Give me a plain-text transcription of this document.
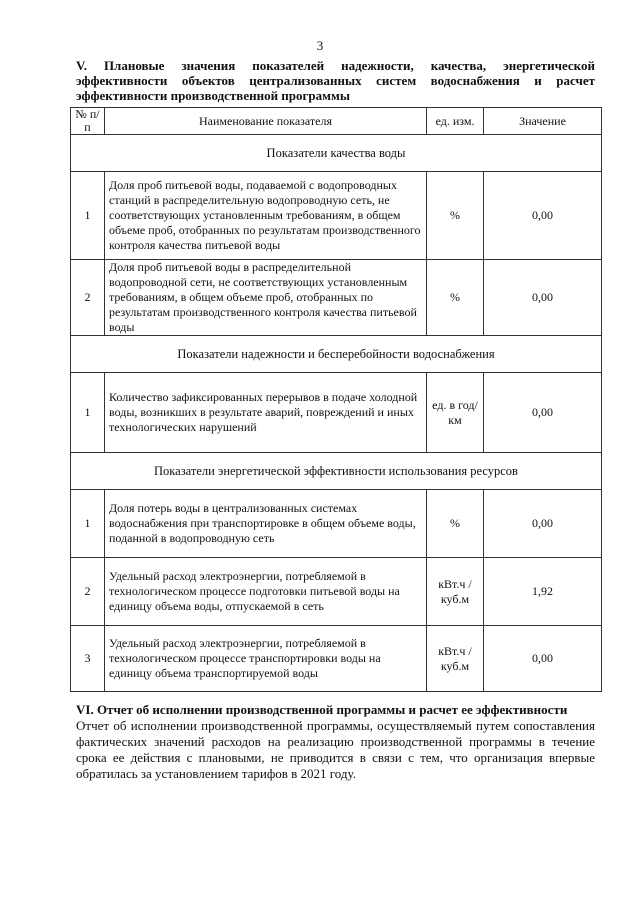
3
V. Плановые значения показателей надежности, качества, энергетической эффективности объектов централизованных систем водоснабжения и расчет эффективности производственной программы
№ п/п	Наименование показателя	ед. изм.	Значение
Показатели качества воды			
1	Доля проб питьевой воды, подаваемой с водопроводных станций в распределительную водопроводную сеть, не соответствующих установленным требованиям, в общем объеме проб, отобранных по результатам производственного контроля качества питьевой воды	%	0,00
2	Доля проб питьевой воды в распределительной водопроводной сети, не соответствующих установленным требованиям, в общем объеме проб, отобранных по результатам производственного контроля качества питьевой воды	%	0,00
Показатели надежности и бесперебойности водоснабжения			
1	Количество зафиксированных перерывов в подаче холодной воды, возникших в результате аварий, повреждений и иных технологических нарушений	ед. в год/ км	0,00
Показатели энергетической эффективности использования ресурсов			
1	Доля потерь воды в централизованных системах водоснабжения при транспортировке в общем объеме воды, поданной в водопроводную сеть	%	0,00
2	Удельный расход электроэнергии, потребляемой в технологическом процессе подготовки питьевой воды на единицу объема воды, отпускаемой в сеть	кВт.ч / куб.м	1,92
3	Удельный расход электроэнергии, потребляемой в технологическом процессе транспортировки воды на единицу объема транспортируемой воды	кВт.ч / куб.м	0,00
VI. Отчет об исполнении производственной программы и расчет ее эффективности
Отчет об исполнении производственной программы, осуществляемый путем сопоставления фактических значений расходов на реализацию производственной программы в течение срока ее действия с плановыми, не приводится в связи с тем, что организация впервые обратилась за установлением тарифов в 2021 году.
